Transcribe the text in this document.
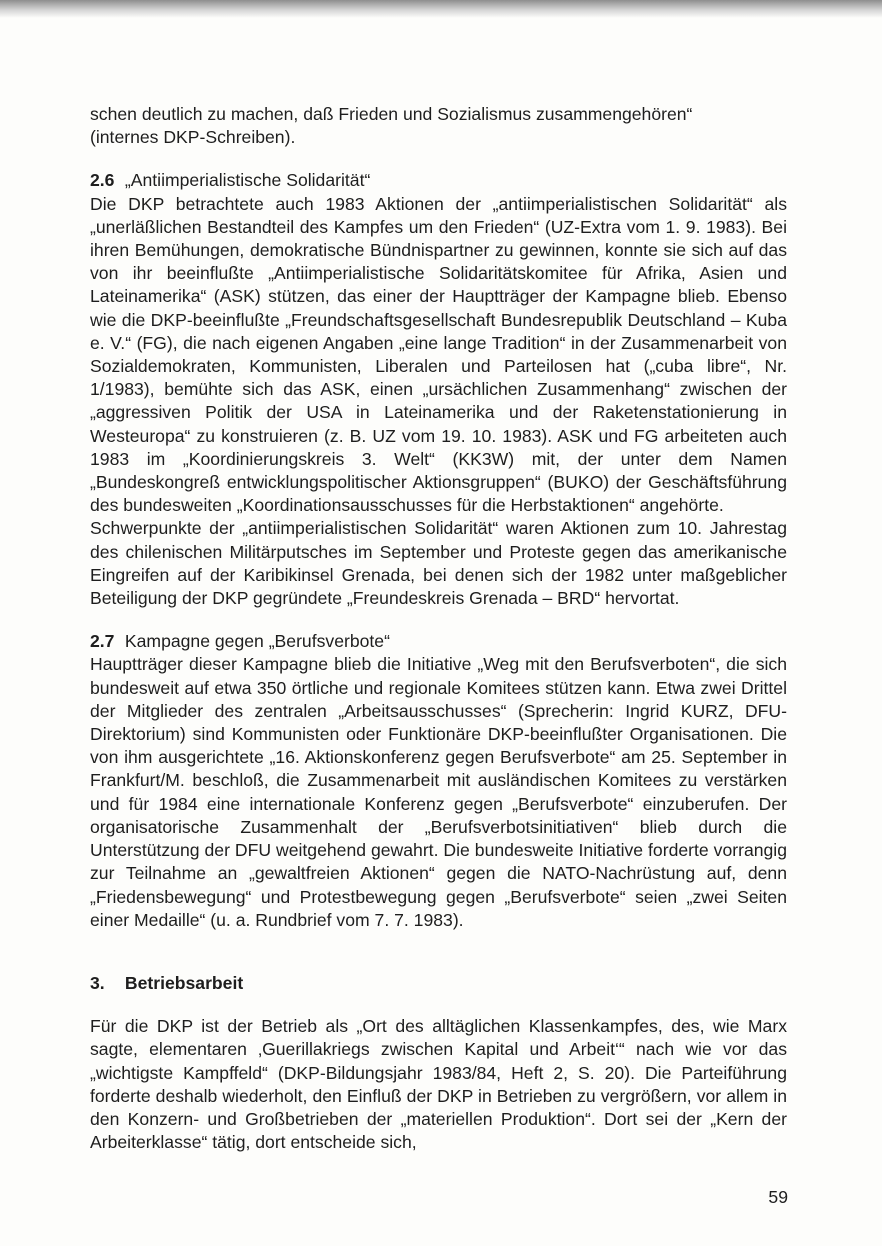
schen deutlich zu machen, daß Frieden und Sozialismus zusammengehören“

(internes DKP-Schreiben).

2.6 „Antiimperialistische Solidarität“

Die DKP betrachtete auch 1983 Aktionen der „antiimperialistischen Solidarität“ als „unerläßlichen Bestandteil des Kampfes um den Frieden“ (UZ-Extra vom 1. 9. 1983). Bei ihren Bemühungen, demokratische Bündnispartner zu gewinnen, konnte sie sich auf das von ihr beeinflußte „Antiimperialistische Solidaritätskomitee für Afrika, Asien und Lateinamerika“ (ASK) stützen, das einer der Hauptträger der Kampagne blieb. Ebenso wie die DKP-beeinflußte „Freundschaftsgesellschaft Bundesrepublik Deutschland – Kuba e. V.“ (FG), die nach eigenen Angaben „eine lange Tradition“ in der Zusammenarbeit von Sozialdemokraten, Kommunisten, Liberalen und Parteilosen hat („cuba libre“, Nr. 1/1983), bemühte sich das ASK, einen „ursächlichen Zusammenhang“ zwischen der „aggressiven Politik der USA in Lateinamerika und der Raketenstationierung in Westeuropa“ zu konstruieren (z. B. UZ vom 19. 10. 1983). ASK und FG arbeiteten auch 1983 im „Koordinierungskreis 3. Welt“ (KK3W) mit, der unter dem Namen „Bundeskongreß entwicklungspolitischer Aktionsgruppen“ (BUKO) der Geschäftsführung des bundesweiten „Koordinationsausschusses für die Herbstaktionen“ angehörte.

Schwerpunkte der „antiimperialistischen Solidarität“ waren Aktionen zum 10. Jahrestag des chilenischen Militärputsches im September und Proteste gegen das amerikanische Eingreifen auf der Karibikinsel Grenada, bei denen sich der 1982 unter maßgeblicher Beteiligung der DKP gegründete „Freundeskreis Grenada – BRD“ hervortat.

2.7 Kampagne gegen „Berufsverbote“

Hauptträger dieser Kampagne blieb die Initiative „Weg mit den Berufsverboten“, die sich bundesweit auf etwa 350 örtliche und regionale Komitees stützen kann. Etwa zwei Drittel der Mitglieder des zentralen „Arbeitsausschusses“ (Sprecherin: Ingrid KURZ, DFU-Direktorium) sind Kommunisten oder Funktionäre DKP-beeinflußter Organisationen. Die von ihm ausgerichtete „16. Aktionskonferenz gegen Berufsverbote“ am 25. September in Frankfurt/M. beschloß, die Zusammenarbeit mit ausländischen Komitees zu verstärken und für 1984 eine internationale Konferenz gegen „Berufsverbote“ einzuberufen. Der organisatorische Zusammenhalt der „Berufsverbotsinitiativen“ blieb durch die Unterstützung der DFU weitgehend gewahrt. Die bundesweite Initiative forderte vorrangig zur Teilnahme an „gewaltfreien Aktionen“ gegen die NATO-Nachrüstung auf, denn „Friedensbewegung“ und Protestbewegung gegen „Berufsverbote“ seien „zwei Seiten einer Medaille“ (u. a. Rundbrief vom 7. 7. 1983).

3. Betriebsarbeit

Für die DKP ist der Betrieb als „Ort des alltäglichen Klassenkampfes, des, wie Marx sagte, elementaren ‚Guerillakriegs zwischen Kapital und Arbeit‘“ nach wie vor das „wichtigste Kampffeld“ (DKP-Bildungsjahr 1983/84, Heft 2, S. 20). Die Parteiführung forderte deshalb wiederholt, den Einfluß der DKP in Betrieben zu vergrößern, vor allem in den Konzern- und Großbetrieben der „materiellen Produktion“. Dort sei der „Kern der Arbeiterklasse“ tätig, dort entscheide sich,

59
